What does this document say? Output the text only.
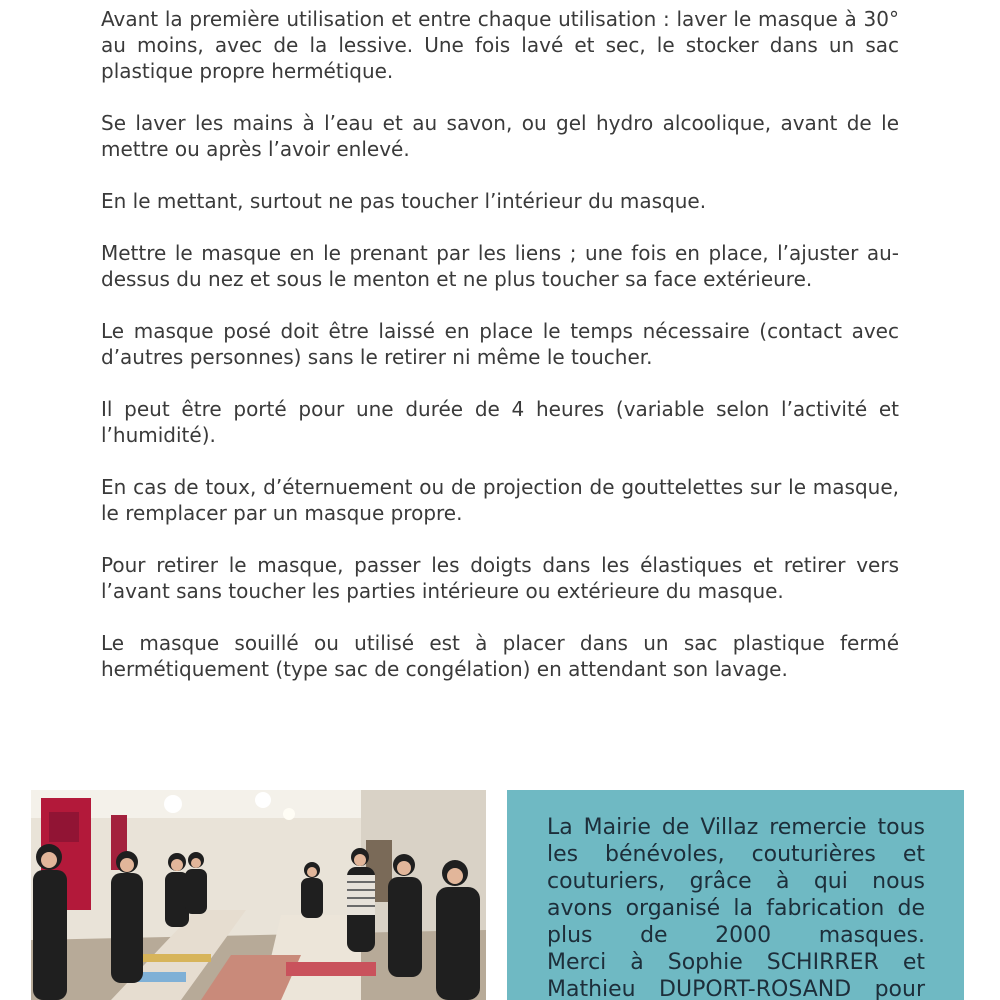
Avant la première utilisation et entre chaque utilisation : laver le masque à 30° au moins, avec de la lessive. Une fois lavé et sec, le stocker dans un sac plastique propre hermétique.

Se laver les mains à l’eau et au savon, ou gel hydro alcoolique, avant de le mettre ou après l’avoir enlevé.

En le mettant, surtout ne pas toucher l’intérieur du masque.

Mettre le masque en le prenant par les liens ; une fois en place, l’ajuster au-dessus du nez et sous le menton et ne plus toucher sa face extérieure.

Le masque posé doit être laissé en place le temps nécessaire (contact avec d’autres personnes) sans le retirer ni même le toucher.

Il peut être porté pour une durée de 4 heures (variable selon l’activité et l’humidité).

En cas de toux, d’éternuement ou de projection de gouttelettes sur le masque, le remplacer par un masque propre.

Pour retirer le masque, passer les doigts dans les élastiques et retirer vers l’avant sans toucher les parties intérieure ou extérieure du masque.

Le masque souillé ou utilisé est à placer dans un sac plastique fermé hermétiquement (type sac de congélation) en attendant son lavage.

La Mairie de Villaz remercie tous les bénévoles, couturières et couturiers, grâce à qui nous avons organisé la fabrication de plus de 2000 masques.

Merci à Sophie SCHIRRER et Mathieu DUPORT-ROSAND pour
